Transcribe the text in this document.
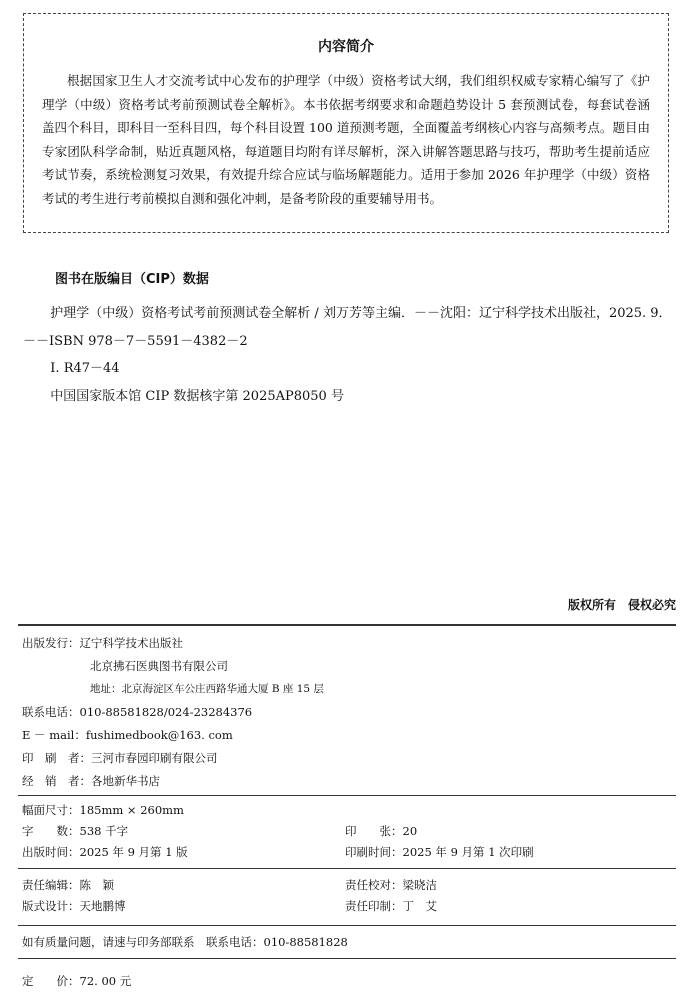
内容简介
根据国家卫生人才交流考试中心发布的护理学（中级）资格考试大纲，我们组织权威专家精心编写了《护理学（中级）资格考试考前预测试卷全解析》。本书依据考纲要求和命题趋势设计 5 套预测试卷，每套试卷涵盖四个科目，即科目一至科目四，每个科目设置 100 道预测考题，全面覆盖考纲核心内容与高频考点。题目由专家团队科学命制，贴近真题风格，每道题目均附有详尽解析，深入讲解答题思路与技巧，帮助考生提前适应考试节奏，系统检测复习效果，有效提升综合应试与临场解题能力。适用于参加 2026 年护理学（中级）资格考试的考生进行考前模拟自测和强化冲刺，是备考阶段的重要辅导用书。
图书在版编目（CIP）数据
护理学（中级）资格考试考前预测试卷全解析 / 刘万芳等主编．－－沈阳：辽宁科学技术出版社，2025. 9．－－ISBN 978－7－5591－4382－2
Ⅰ. R47－44
中国国家版本馆 CIP 数据核字第 2025AP8050 号
版权所有　侵权必究
出版发行：辽宁科学技术出版社
北京拂石医典图书有限公司
地址：北京海淀区车公庄西路华通大厦 B 座 15 层
联系电话：010-88581828/024-23284376
E － mail：fushimedbook@163. com
印　刷　者：三河市春园印刷有限公司
经　销　者：各地新华书店
幅面尺寸：185mm × 260mm
字　　数：538 千字	印　　张：20
出版时间：2025 年 9 月第 1 版	印刷时间：2025 年 9 月第 1 次印刷
责任编辑：陈　颖	责任校对：梁晓洁
版式设计：天地鹏博	责任印制：丁　艾
如有质量问题，请速与印务部联系　联系电话：010-88581828
定　　价：72. 00 元
